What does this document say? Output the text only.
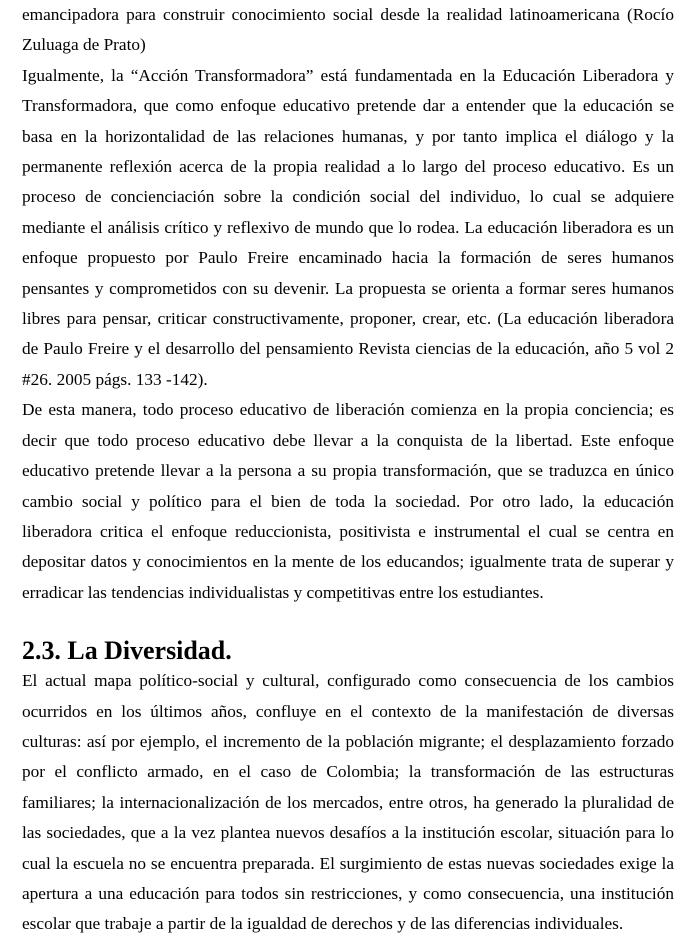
emancipadora para construir conocimiento social desde la realidad latinoamericana (Rocío Zuluaga de Prato)

Igualmente, la “Acción Transformadora” está fundamentada en la Educación Liberadora y Transformadora, que como enfoque educativo pretende dar a entender que la educación se basa en la horizontalidad de las relaciones humanas, y por tanto implica el diálogo y la permanente reflexión acerca de la propia realidad a lo largo del proceso educativo. Es un proceso de concienciación sobre la condición social del individuo, lo cual se adquiere mediante el análisis crítico y reflexivo de mundo que lo rodea. La educación liberadora es un enfoque propuesto por Paulo Freire encaminado hacia la formación de seres humanos pensantes y comprometidos con su devenir. La propuesta se orienta a formar seres humanos libres para pensar, criticar constructivamente, proponer, crear, etc. (La educación liberadora de Paulo Freire y el desarrollo del pensamiento Revista ciencias de la educación, año 5 vol 2 #26. 2005 págs. 133 -142).

De esta manera, todo proceso educativo de liberación comienza en la propia conciencia; es decir que todo proceso educativo debe llevar a la conquista de la libertad. Este enfoque educativo pretende llevar a la persona a su propia transformación, que se traduzca en único cambio social y político para el bien de toda la sociedad. Por otro lado, la educación liberadora critica el enfoque reduccionista, positivista e instrumental el cual se centra en depositar datos y conocimientos en la mente de los educandos; igualmente trata de superar y erradicar las tendencias individualistas y competitivas entre los estudiantes.

2.3. La Diversidad.

El actual mapa político-social y cultural, configurado como consecuencia de los cambios ocurridos en los últimos años, confluye en el contexto de la manifestación de diversas culturas: así por ejemplo, el incremento de la población migrante; el desplazamiento forzado por el conflicto armado, en el caso de Colombia; la transformación de las estructuras familiares; la internacionalización de los mercados, entre otros, ha generado la pluralidad de las sociedades, que a la vez plantea nuevos desafíos a la institución escolar, situación para lo cual la escuela no se encuentra preparada. El surgimiento de estas nuevas sociedades exige la apertura a una educación para todos sin restricciones, y como consecuencia, una institución escolar que trabaje a partir de la igualdad de derechos y de las diferencias individuales.
